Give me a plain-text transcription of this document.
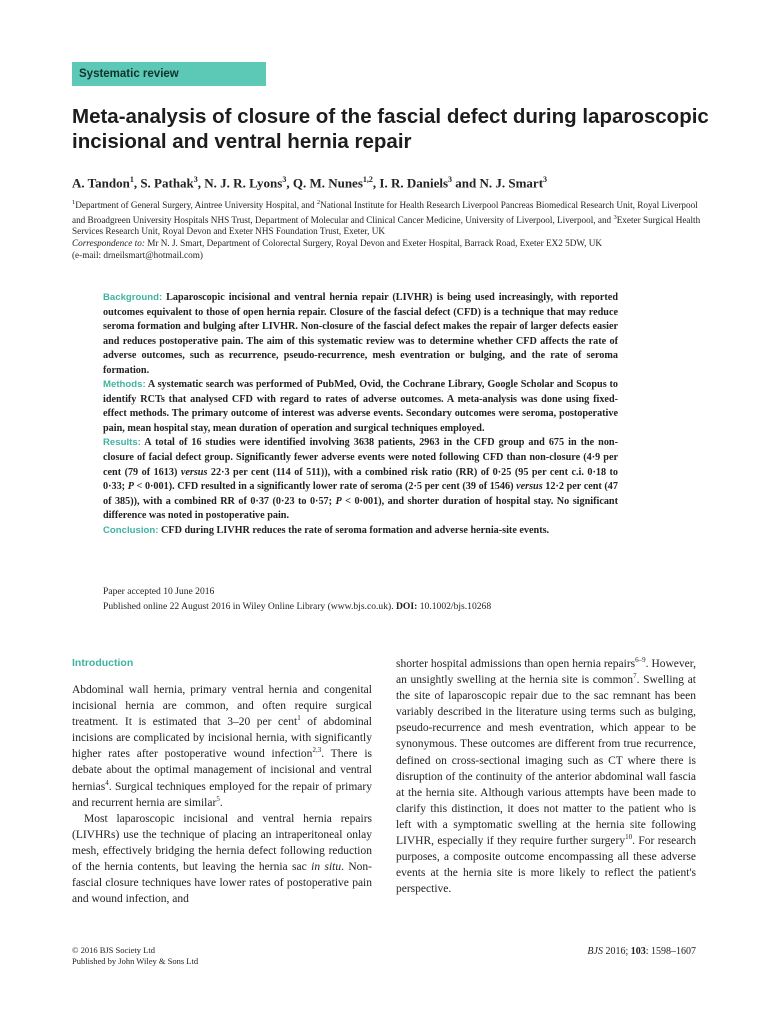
Systematic review
Meta-analysis of closure of the fascial defect during laparoscopic incisional and ventral hernia repair
A. Tandon$^1$, S. Pathak$^3$, N. J. R. Lyons$^3$, Q. M. Nunes$^{1,2}$, I. R. Daniels$^3$ and N. J. Smart$^3$
$^1$Department of General Surgery, Aintree University Hospital, and $^2$National Institute for Health Research Liverpool Pancreas Biomedical Research Unit, Royal Liverpool and Broadgreen University Hospitals NHS Trust, Department of Molecular and Clinical Cancer Medicine, University of Liverpool, Liverpool, and $^3$Exeter Surgical Health Services Research Unit, Royal Devon and Exeter NHS Foundation Trust, Exeter, UK
Correspondence to: Mr N. J. Smart, Department of Colorectal Surgery, Royal Devon and Exeter Hospital, Barrack Road, Exeter EX2 5DW, UK
(e-mail: drneilsmart@hotmail.com)

Background: Laparoscopic incisional and ventral hernia repair (LIVHR) is being used increasingly, with reported outcomes equivalent to those of open hernia repair. Closure of the fascial defect (CFD) is a technique that may reduce seroma formation and bulging after LIVHR. Non-closure of the fascial defect makes the repair of larger defects easier and reduces postoperative pain. The aim of this systematic review was to determine whether CFD affects the rate of adverse outcomes, such as recurrence, pseudo-recurrence, mesh eventration or bulging, and the rate of seroma formation.

Methods: A systematic search was performed of PubMed, Ovid, the Cochrane Library, Google Scholar and Scopus to identify RCTs that analysed CFD with regard to rates of adverse outcomes. A meta-analysis was done using fixed-effect methods. The primary outcome of interest was adverse events. Secondary outcomes were seroma, postoperative pain, mean hospital stay, mean duration of operation and surgical techniques employed.

Results: A total of 16 studies were identified involving 3638 patients, 2963 in the CFD group and 675 in the non-closure of facial defect group. Significantly fewer adverse events were noted following CFD than non-closure (4·9 per cent (79 of 1613) versus 22·3 per cent (114 of 511)), with a combined risk ratio (RR) of 0·25 (95 per cent c.i. 0·18 to 0·33; P < 0·001). CFD resulted in a significantly lower rate of seroma (2·5 per cent (39 of 1546) versus 12·2 per cent (47 of 385)), with a combined RR of 0·37 (0·23 to 0·57; P < 0·001), and shorter duration of hospital stay. No significant difference was noted in postoperative pain.

Conclusion: CFD during LIVHR reduces the rate of seroma formation and adverse hernia-site events.

Paper accepted 10 June 2016
Published online 22 August 2016 in Wiley Online Library (www.bjs.co.uk). DOI: 10.1002/bjs.10268
Introduction

Abdominal wall hernia, primary ventral hernia and congenital incisional hernia are common, and often require surgical treatment. It is estimated that 3–20 per cent$^1$ of abdominal incisions are complicated by incisional hernia, with significantly higher rates after postoperative wound infection$^{2,3}$. There is debate about the optimal management of incisional and ventral hernias$^4$. Surgical techniques employed for the repair of primary and recurrent hernia are similar$^5$.

Most laparoscopic incisional and ventral hernia repairs (LIVHRs) use the technique of placing an intraperitoneal onlay mesh, effectively bridging the hernia defect following reduction of the hernia contents, but leaving the hernia sac in situ. Non-fascial closure techniques have lower rates of postoperative pain and wound infection, and

shorter hospital admissions than open hernia repairs$^{6-9}$. However, an unsightly swelling at the hernia site is common$^7$. Swelling at the site of laparoscopic repair due to the sac remnant has been variably described in the literature using terms such as bulging, pseudo-recurrence and mesh eventration, which appear to be synonymous. These outcomes are different from true recurrence, defined on cross-sectional imaging such as CT where there is disruption of the continuity of the anterior abdominal wall fascia at the hernia site. Although various attempts have been made to clarify this distinction, it does not matter to the patient who is left with a symptomatic swelling at the hernia site following LIVHR, especially if they require further surgery$^{10}$. For research purposes, a composite outcome encompassing all these adverse events at the hernia site is more likely to reflect the patient's perspective.

© 2016 BJS Society Ltd
Published by John Wiley & Sons Ltd
BJS 2016; 103: 1598–1607
